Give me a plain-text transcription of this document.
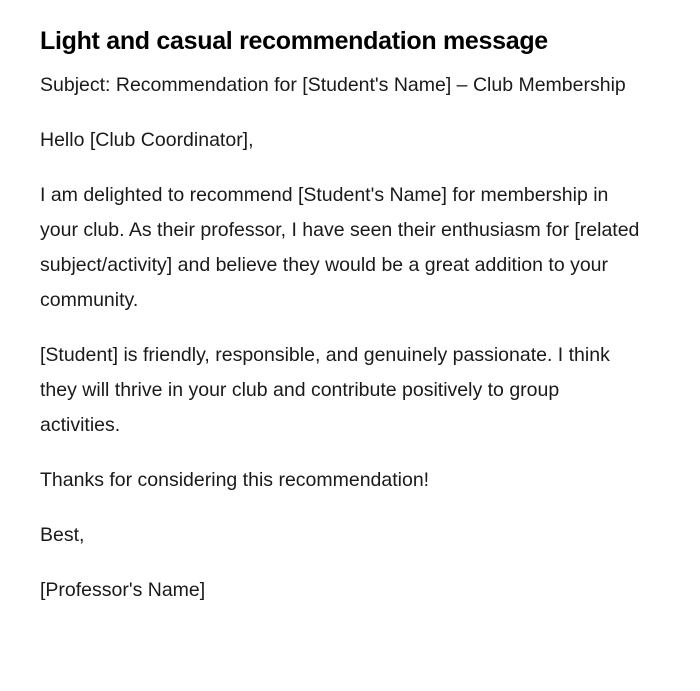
Light and casual recommendation message

Subject: Recommendation for [Student's Name] – Club Membership

Hello [Club Coordinator],

I am delighted to recommend [Student's Name] for membership in your club. As their professor, I have seen their enthusiasm for [related subject/activity] and believe they would be a great addition to your community.

[Student] is friendly, responsible, and genuinely passionate. I think they will thrive in your club and contribute positively to group activities.

Thanks for considering this recommendation!

Best,

[Professor's Name]
